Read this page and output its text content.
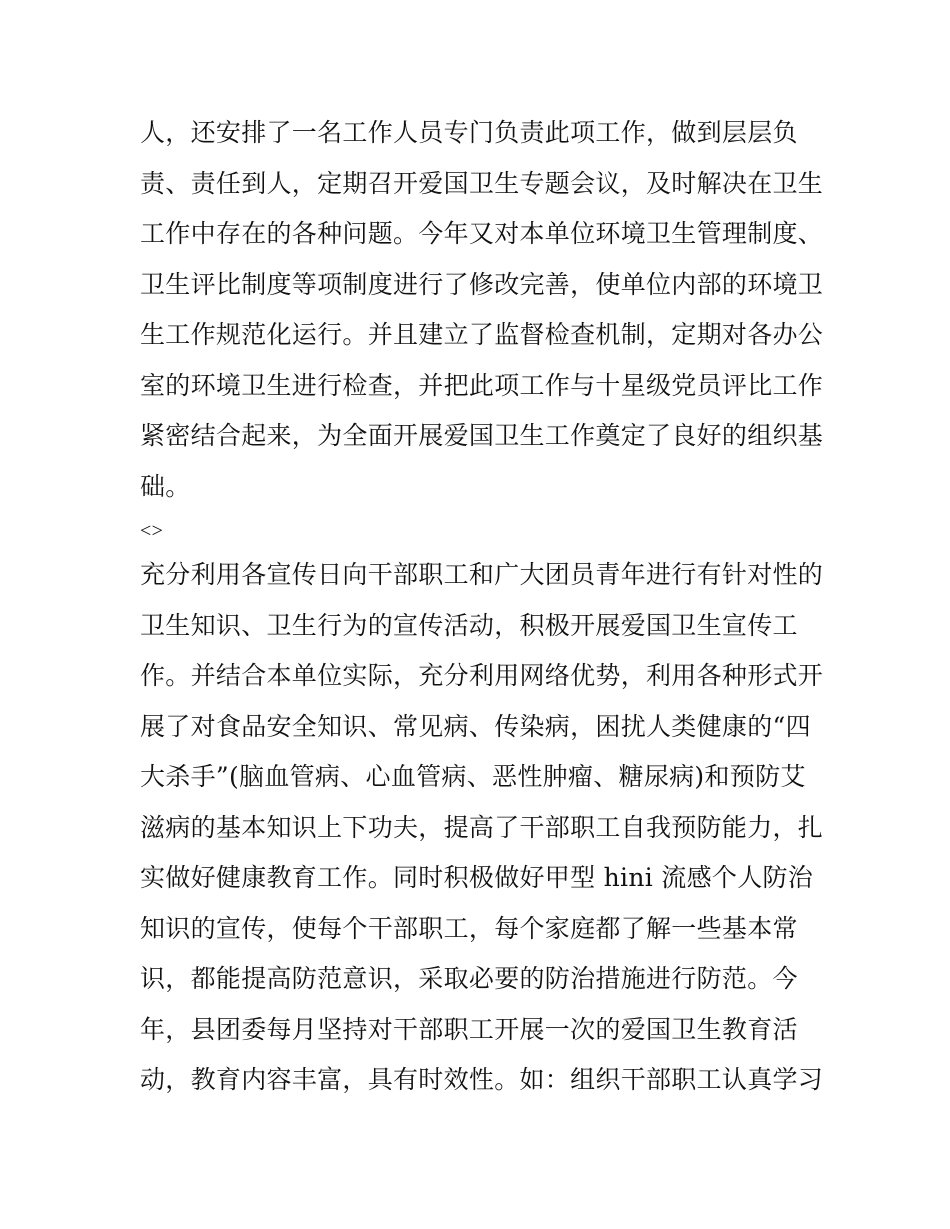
人，还安排了一名工作人员专门负责此项工作，做到层层负
责、责任到人，定期召开爱国卫生专题会议，及时解决在卫生
工作中存在的各种问题。今年又对本单位环境卫生管理制度、
卫生评比制度等项制度进行了修改完善，使单位内部的环境卫
生工作规范化运行。并且建立了监督检查机制，定期对各办公
室的环境卫生进行检查，并把此项工作与十星级党员评比工作
紧密结合起来，为全面开展爱国卫生工作奠定了良好的组织基
础。
<>
充分利用各宣传日向干部职工和广大团员青年进行有针对性的
卫生知识、卫生行为的宣传活动，积极开展爱国卫生宣传工
作。并结合本单位实际，充分利用网络优势，利用各种形式开
展了对食品安全知识、常见病、传染病，困扰人类健康的“四
大杀手”(脑血管病、心血管病、恶性肿瘤、糖尿病)和预防艾
滋病的基本知识上下功夫，提高了干部职工自我预防能力，扎
实做好健康教育工作。同时积极做好甲型 hini 流感个人防治
知识的宣传，使每个干部职工，每个家庭都了解一些基本常
识，都能提高防范意识，采取必要的防治措施进行防范。今
年，县团委每月坚持对干部职工开展一次的爱国卫生教育活
动，教育内容丰富，具有时效性。如：组织干部职工认真学习
